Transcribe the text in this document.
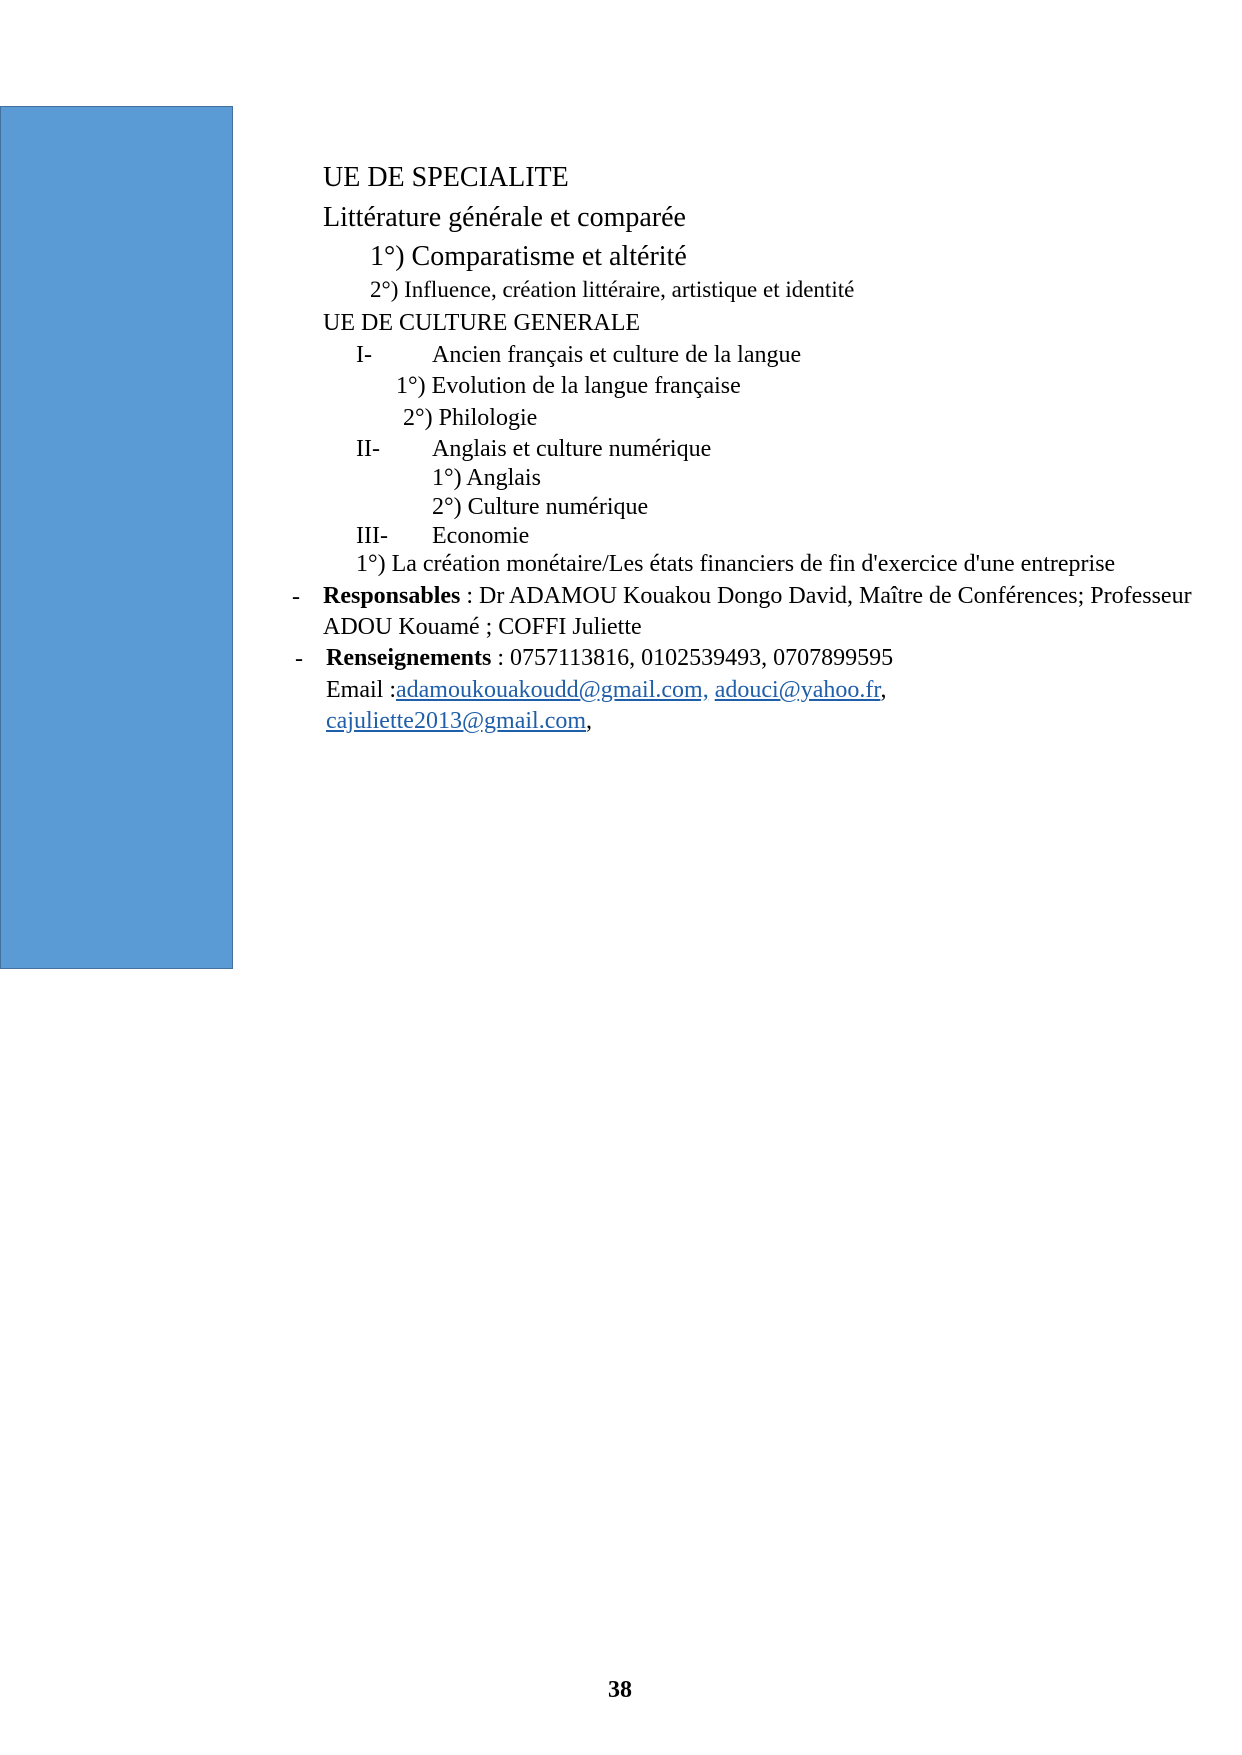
UE DE SPECIALITE
Littérature générale et comparée
1°) Comparatisme et altérité
2°) Influence, création littéraire, artistique et identité
UE DE CULTURE GENERALE
I-	Ancien français et culture de la langue
1°) Evolution de la langue française
2°) Philologie
II- Anglais et culture numérique
1°) Anglais
2°) Culture numérique
III- Economie
1°) La création monétaire/Les états financiers de fin d'exercice d'une entreprise
- Responsables : Dr ADAMOU Kouakou Dongo David, Maître de Conférences; Professeur
ADOU Kouamé ; COFFI Juliette
- Renseignements : 0757113816, 0102539493, 0707899595
Email :adamoukouakoudd@gmail.com, adouci@yahoo.fr,
cajuliette2013@gmail.com,
38
